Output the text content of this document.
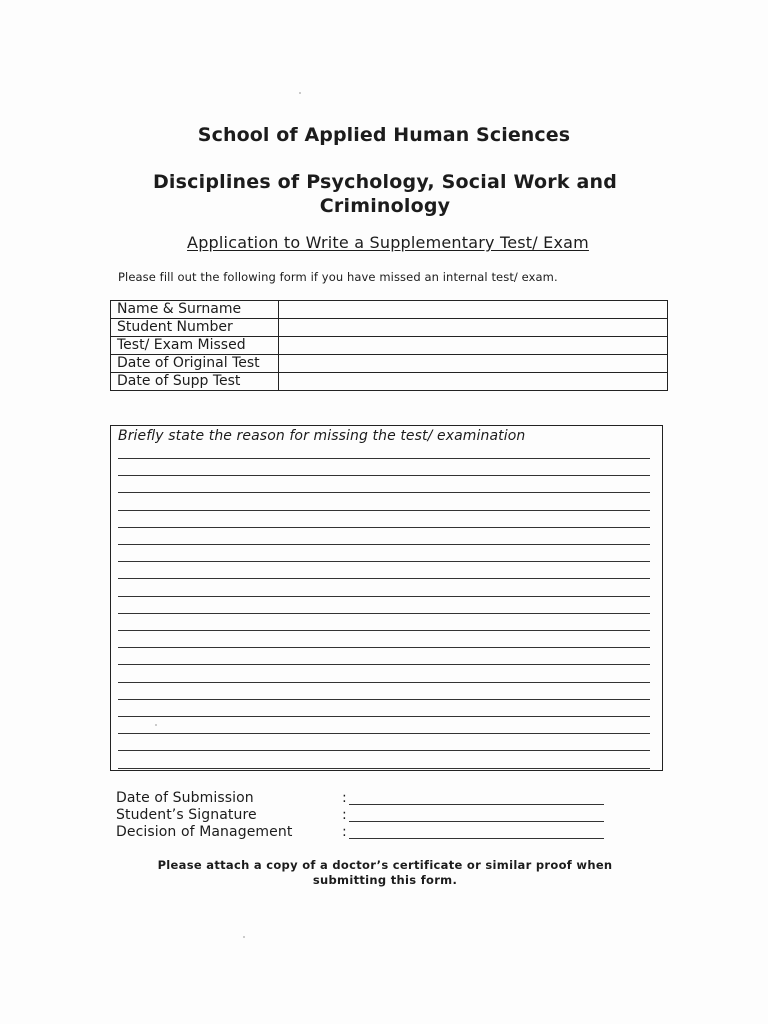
School of Applied Human Sciences
Disciplines of Psychology, Social Work and Criminology
Application to Write a Supplementary Test/ Exam
Please fill out the following form if you have missed an internal test/ exam.
Name & Surname	
Student Number	
Test/ Exam Missed	
Date of Original Test	
Date of Supp Test	
Briefly state the reason for missing the test/ examination
Date of Submission	:
Student’s Signature	:
Decision of Management	:
Please attach a copy of a doctor’s certificate or similar proof when submitting this form.
